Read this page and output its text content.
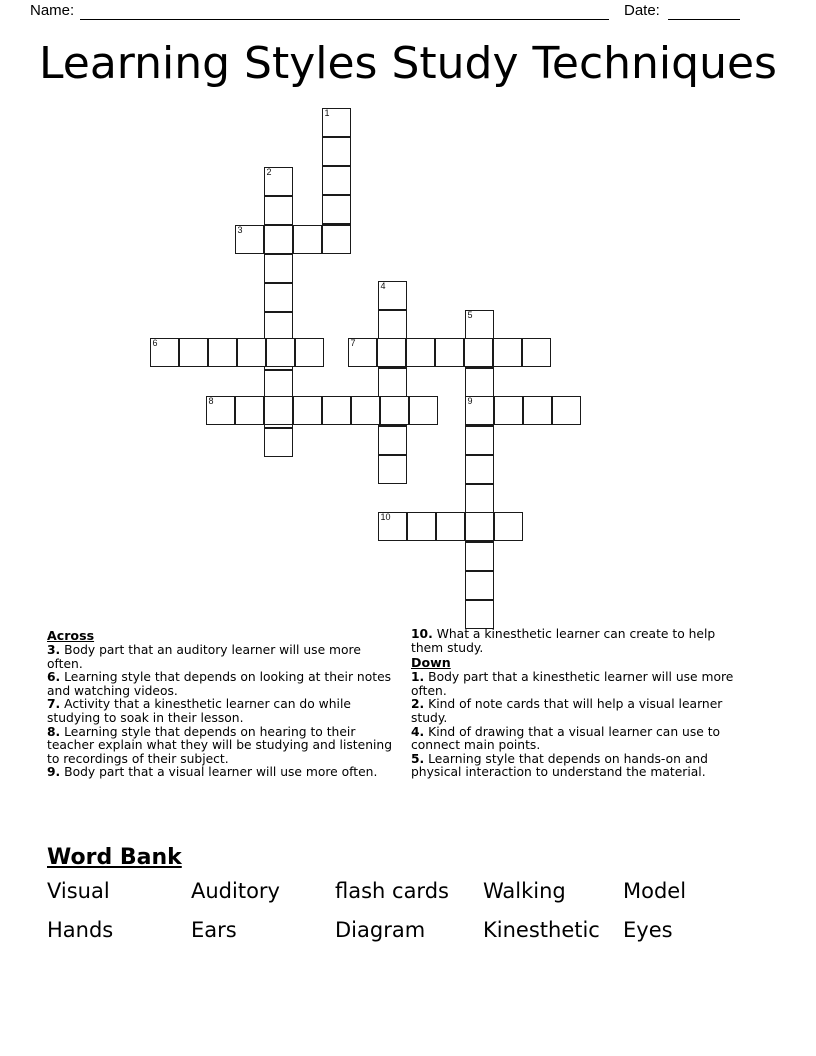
Name:	Date:
Learning Styles Study Techniques
1
2
3
4
5
6	7
8	9
10
Across
3. Body part that an auditory learner will use more often.
6. Learning style that depends on looking at their notes and watching videos.
7. Activity that a kinesthetic learner can do while studying to soak in their lesson.
8. Learning style that depends on hearing to their teacher explain what they will be studying and listening to recordings of their subject.
9. Body part that a visual learner will use more often.
10. What a kinesthetic learner can create to help them study.
Down
1. Body part that a kinesthetic learner will use more often.
2. Kind of note cards that will help a visual learner study.
4. Kind of drawing that a visual learner can use to connect main points.
5. Learning style that depends on hands-on and physical interaction to understand the material.
Word Bank
Visual	Auditory	flash cards	Walking	Model
Hands	Ears	Diagram	Kinesthetic	Eyes
